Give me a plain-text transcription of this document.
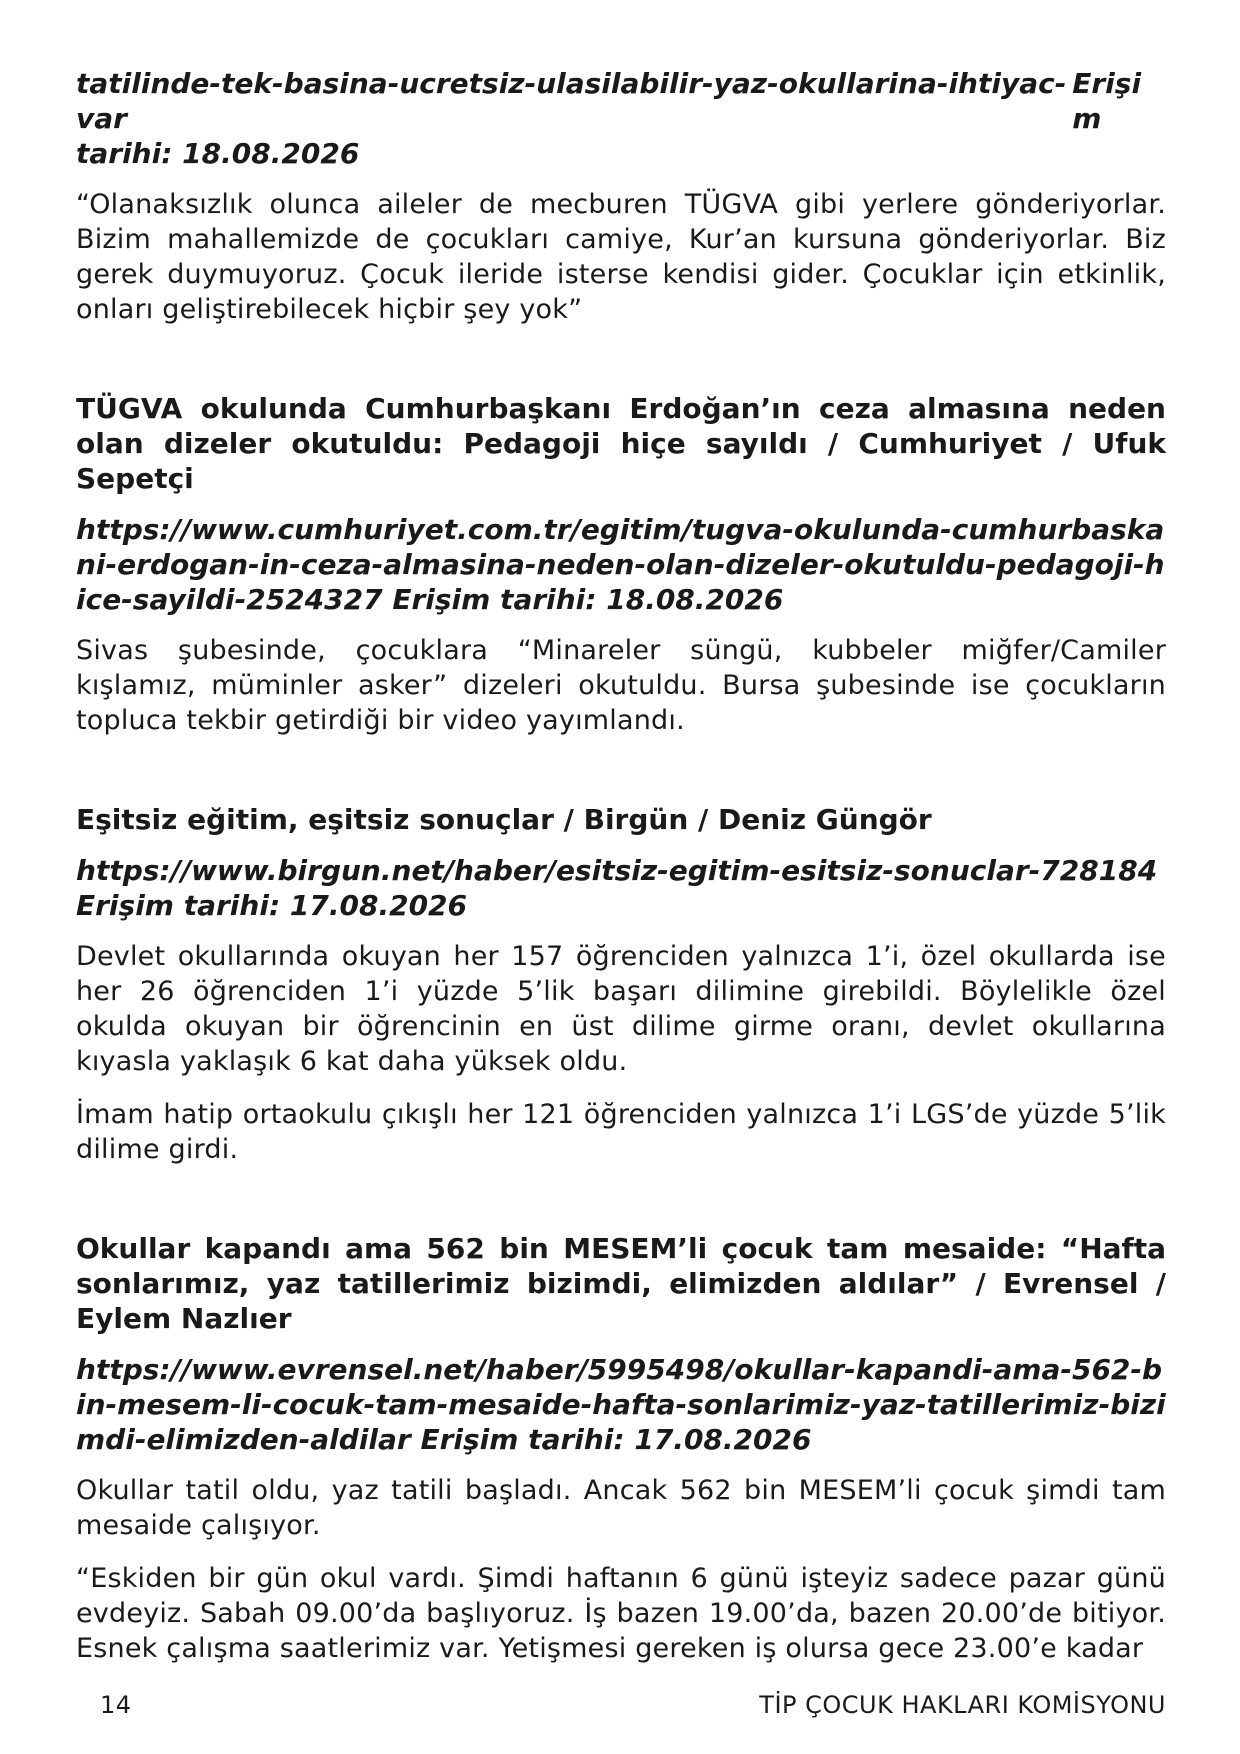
tatilinde-tek-basina-ucretsiz-ulasilabilir-yaz-okullarina-ihtiyac-var
Erişim

tarihi: 18.08.2026

“Olanaksızlık olunca aileler de mecburen TÜGVA gibi yerlere gönderiyorlar. Bizim mahallemizde de çocukları camiye, Kur’an kursuna gönderiyorlar. Biz gerek duymuyoruz. Çocuk ileride isterse kendisi gider. Çocuklar için etkinlik, onları geliştirebilecek hiçbir şey yok”

TÜGVA okulunda Cumhurbaşkanı Erdoğan’ın ceza almasına neden olan dizeler okutuldu: Pedagoji hiçe sayıldı / Cumhuriyet / Ufuk Sepetçi

https://www.cumhuriyet.com.tr/egitim/tugva-okulunda-cumhurbaskani-erdogan-in-ceza-almasina-neden-olan-dizeler-okutuldu-pedagoji-hice-sayildi-2524327 Erişim tarihi: 18.08.2026

Sivas şubesinde, çocuklara “Minareler süngü, kubbeler miğfer/Camiler kışlamız, müminler asker” dizeleri okutuldu. Bursa şubesinde ise çocukların topluca tekbir getirdiği bir video yayımlandı.

Eşitsiz eğitim, eşitsiz sonuçlar / Birgün / Deniz Güngör

https://www.birgun.net/haber/esitsiz-egitim-esitsiz-sonuclar-728184 Erişim tarihi: 17.08.2026

Devlet okullarında okuyan her 157 öğrenciden yalnızca 1’i, özel okullarda ise her 26 öğrenciden 1’i yüzde 5’lik başarı dilimine girebildi. Böylelikle özel okulda okuyan bir öğrencinin en üst dilime girme oranı, devlet okullarına kıyasla yaklaşık 6 kat daha yüksek oldu.

İmam hatip ortaokulu çıkışlı her 121 öğrenciden yalnızca 1’i LGS’de yüzde 5’lik dilime girdi.

Okullar kapandı ama 562 bin MESEM’li çocuk tam mesaide: “Hafta sonlarımız, yaz tatillerimiz bizimdi, elimizden aldılar” / Evrensel / Eylem Nazlıer

https://www.evrensel.net/haber/5995498/okullar-kapandi-ama-562-bin-mesem-li-cocuk-tam-mesaide-hafta-sonlarimiz-yaz-tatillerimiz-bizimdi-elimizden-aldilar Erişim tarihi: 17.08.2026

Okullar tatil oldu, yaz tatili başladı. Ancak 562 bin MESEM’li çocuk şimdi tam mesaide çalışıyor.

“Eskiden bir gün okul vardı. Şimdi haftanın 6 günü işteyiz sadece pazar günü evdeyiz. Sabah 09.00’da başlıyoruz. İş bazen 19.00’da, bazen 20.00’de bitiyor. Esnek çalışma saatlerimiz var. Yetişmesi gereken iş olursa gece 23.00’e kadar

14	TİP ÇOCUK HAKLARI KOMİSYONU
